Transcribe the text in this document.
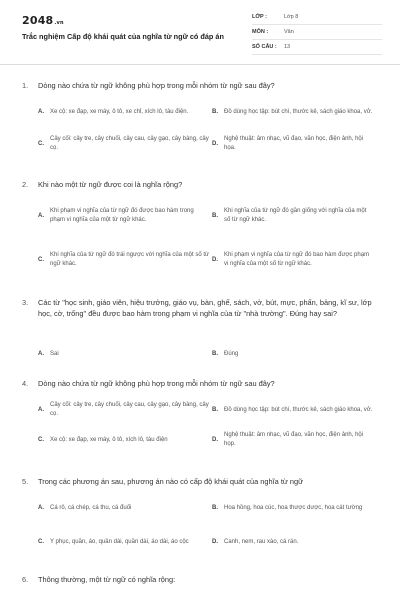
2048.vn
Trắc nghiệm Cấp độ khái quát của nghĩa từ ngữ có đáp án
LỚP :	Lớp 8
MÔN :	Văn
SỐ CÂU :	13
1.	Dòng nào chứa từ ngữ không phù hợp trong mỗi nhóm từ ngữ sau đây?
A.	Xe cộ: xe đạp, xe máy, ô tô, xe chỉ, xích lô, tàu điện.	B.	Đồ dùng học tập: bút chì, thước kẻ, sách giáo khoa, vở.
C.
Cây cối: cây tre, cây chuối, cây cau, cây gạo, cây bàng, cây cọ.
D.
Nghệ thuật: âm nhạc, vũ đạo, văn học, điện ảnh, hội họa.
2.	Khi nào một từ ngữ được coi là nghĩa rộng?
A.
Khi phạm vi nghĩa của từ ngữ đó được bao hàm trong phạm vi nghĩa của một từ ngữ khác.
B.
Khi nghĩa của từ ngữ đó gần giống với nghĩa của một số từ ngữ khác.
C.
Khi nghĩa của từ ngữ đó trái ngược với nghĩa của một số từ ngữ khác.
D.
Khi phạm vi nghĩa của từ ngữ đó bao hàm được phạm vi nghĩa của một số từ ngữ khác.
3.	Các từ "học sinh, giáo viên, hiệu trưởng, giáo vụ, bàn, ghế, sách, vở, bút, mực, phấn, bảng, kĩ sư, lớp học, cờ, trống" đều được bao hàm trong phạm vi nghĩa của từ "nhà trường". Đúng hay sai?
A.	Sai	B.	Đúng
4.	Dòng nào chứa từ ngữ không phù hợp trong mỗi nhóm từ ngữ sau đây?
A.
Cây cối: cây tre, cây chuối, cây cau, cây gạo, cây bàng, cây cọ.
B.	Đồ dùng học tập: bút chì, thước kẻ, sách giáo khoa, vở.
C.	Xe cộ: xe đạp, xe máy, ô tô, xích lô, tàu điện	D.
Nghệ thuật: âm nhạc, vũ đạo, văn học, điện ảnh, hội họp.
5.	Trong các phương án sau, phương án nào có cấp độ khái quát của nghĩa từ ngữ
A.	Cá rô, cá chép, cá thu, cá đuối	B.	Hoa hồng, hoa cúc, hoa thược dược, hoa cát tường
C.	Y phục, quần, áo, quần dài, quần dài, áo dài, áo cộc	D.	Canh, nem, rau xào, cá rán.
6.	Thông thường, một từ ngữ có nghĩa rộng:
